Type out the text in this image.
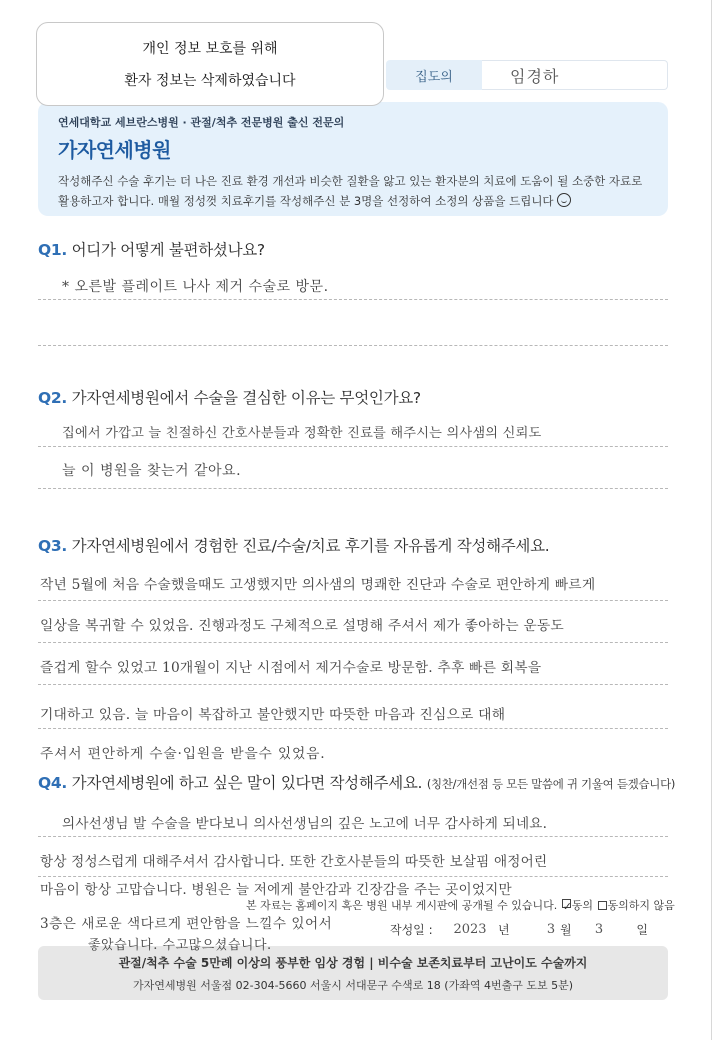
개인 정보 보호를 위해
환자 정보는 삭제하였습니다	집도의	임경하
연세대학교 세브란스병원 · 관절/척추 전문병원 출신 전문의
가자연세병원
작성해주신 수술 후기는 더 나은 진료 환경 개선과 비슷한 질환을 앓고 있는 환자분의 치료에 도움이 될 소중한 자료로
활용하고자 합니다. 매월 정성껏 치료후기를 작성해주신 분 3명을 선정하여 소정의 상품을 드립니다
Q1. 어디가 어떻게 불편하셨나요?
* 오른발 플레이트 나사 제거 수술로 방문.
Q2. 가자연세병원에서 수술을 결심한 이유는 무엇인가요?
집에서 가깝고 늘 친절하신 간호사분들과 정확한 진료를 해주시는 의사샘의 신뢰도
늘 이 병원을 찾는거 같아요.
Q3. 가자연세병원에서 경험한 진료/수술/치료 후기를 자유롭게 작성해주세요.
작년 5월에 처음 수술했을때도 고생했지만 의사샘의 명쾌한 진단과 수술로 편안하게 빠르게
일상을 복귀할 수 있었음. 진행과정도 구체적으로 설명해 주셔서 제가 좋아하는 운동도
즐겁게 할수 있었고 10개월이 지난 시점에서 제거수술로 방문함. 추후 빠른 회복을
기대하고 있음. 늘 마음이 복잡하고 불안했지만 따뜻한 마음과 진심으로 대해
주셔서 편안하게 수술·입원을 받을수 있었음.
Q4. 가자연세병원에 하고 싶은 말이 있다면 작성해주세요. (칭찬/개선점 등 모든 말씀에 귀 기울여 듣겠습니다)
의사선생님 발 수술을 받다보니 의사선생님의 깊은 노고에 너무 감사하게 되네요.
항상 정성스럽게 대해주셔서 감사합니다. 또한 간호사분들의 따뜻한 보살핌 애정어린
마음이 항상 고맙습니다. 병원은 늘 저에게 불안감과 긴장감을 주는 곳이었지만
3층은 새로운 색다르게 편안함을 느낄수 있어서
좋았습니다. 수고많으셨습니다.
본 자료는 홈페이지 혹은 병원 내부 게시판에 공개될 수 있습니다. ✓동의 동의하지 않음
작성일 :	2023 년	3 월	3	일
관절/척추 수술 5만례 이상의 풍부한 임상 경험 | 비수술 보존치료부터 고난이도 수술까지
가자연세병원 서울점 02-304-5660 서울시 서대문구 수색로 18 (가좌역 4번출구 도보 5분)
